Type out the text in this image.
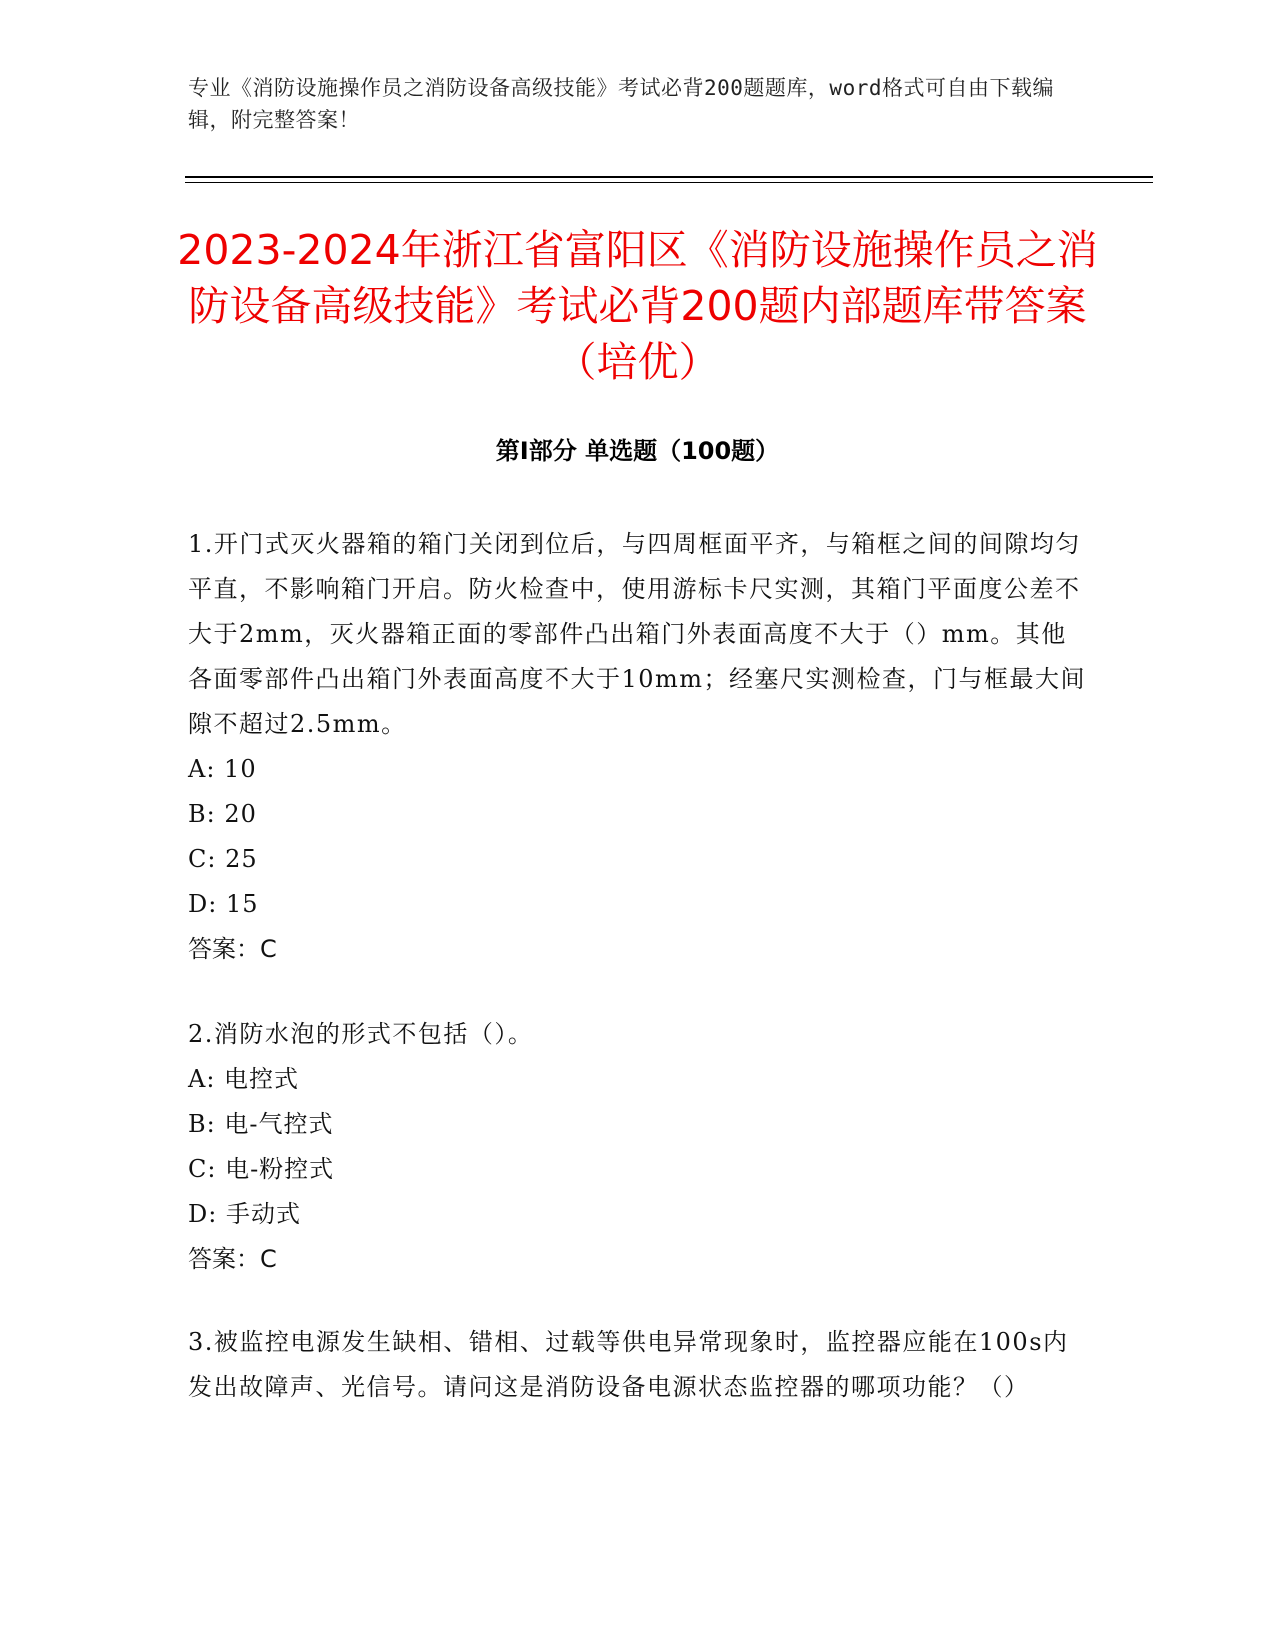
专业《消防设施操作员之消防设备高级技能》考试必背200题题库，word格式可自由下载编辑，附完整答案！
2023-2024年浙江省富阳区《消防设施操作员之消防设备高级技能》考试必背200题内部题库带答案（培优）
第Ⅰ部分 单选题（100题）

1.开门式灭火器箱的箱门关闭到位后，与四周框面平齐，与箱框之间的间隙均匀平直，不影响箱门开启。防火检查中，使用游标卡尺实测，其箱门平面度公差不大于2mm，灭火器箱正面的零部件凸出箱门外表面高度不大于（）mm。其他各面零部件凸出箱门外表面高度不大于10mm；经塞尺实测检查，门与框最大间隙不超过2.5mm。

A: 10

B: 20

C: 25

D: 15

答案：C

2.消防水泡的形式不包括（）。

A: 电控式

B: 电-气控式

C: 电-粉控式

D: 手动式

答案：C

3.被监控电源发生缺相、错相、过载等供电异常现象时，监控器应能在100s内发出故障声、光信号。请问这是消防设备电源状态监控器的哪项功能？（）
